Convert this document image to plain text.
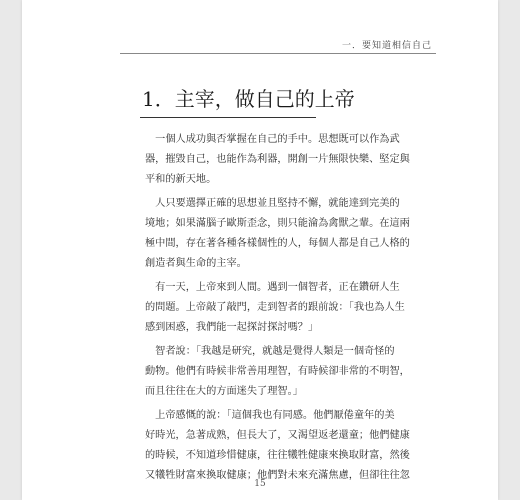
一．要知道相信自己
1．主宰，做自己的上帝

　一個人成功與否掌握在自己的手中。思想既可以作為武
器，摧毀自己，也能作為利器，開創一片無限快樂、堅定與
平和的新天地。

　人只要選擇正確的思想並且堅持不懈，就能達到完美的
境地；如果滿腦子歐斯歪念，則只能淪為禽獸之輩。在這兩
極中間，存在著各種各樣個性的人，每個人都是自己人格的
創造者與生命的主宰。

　有一天，上帝來到人間。遇到一個智者，正在鑽研人生
的問題。上帝敲了敲門，走到智者的跟前說：「我也為人生
感到困惑，我們能一起探討探討嗎？」

　智者說：「我越是研究，就越是覺得人類是一個奇怪的
動物。他們有時候非常善用理智，有時候卻非常的不明智，
而且往往在大的方面迷失了理智。」

　上帝感慨的說：「這個我也有同感。他們厭倦童年的美
好時光，急著成熟，但長大了，又渴望返老還童；他們健康
的時候，不知道珍惜健康，往往犧牲健康來換取財富，然後
又犧牲財富來換取健康；他們對未來充滿焦慮，但卻往往忽

15
